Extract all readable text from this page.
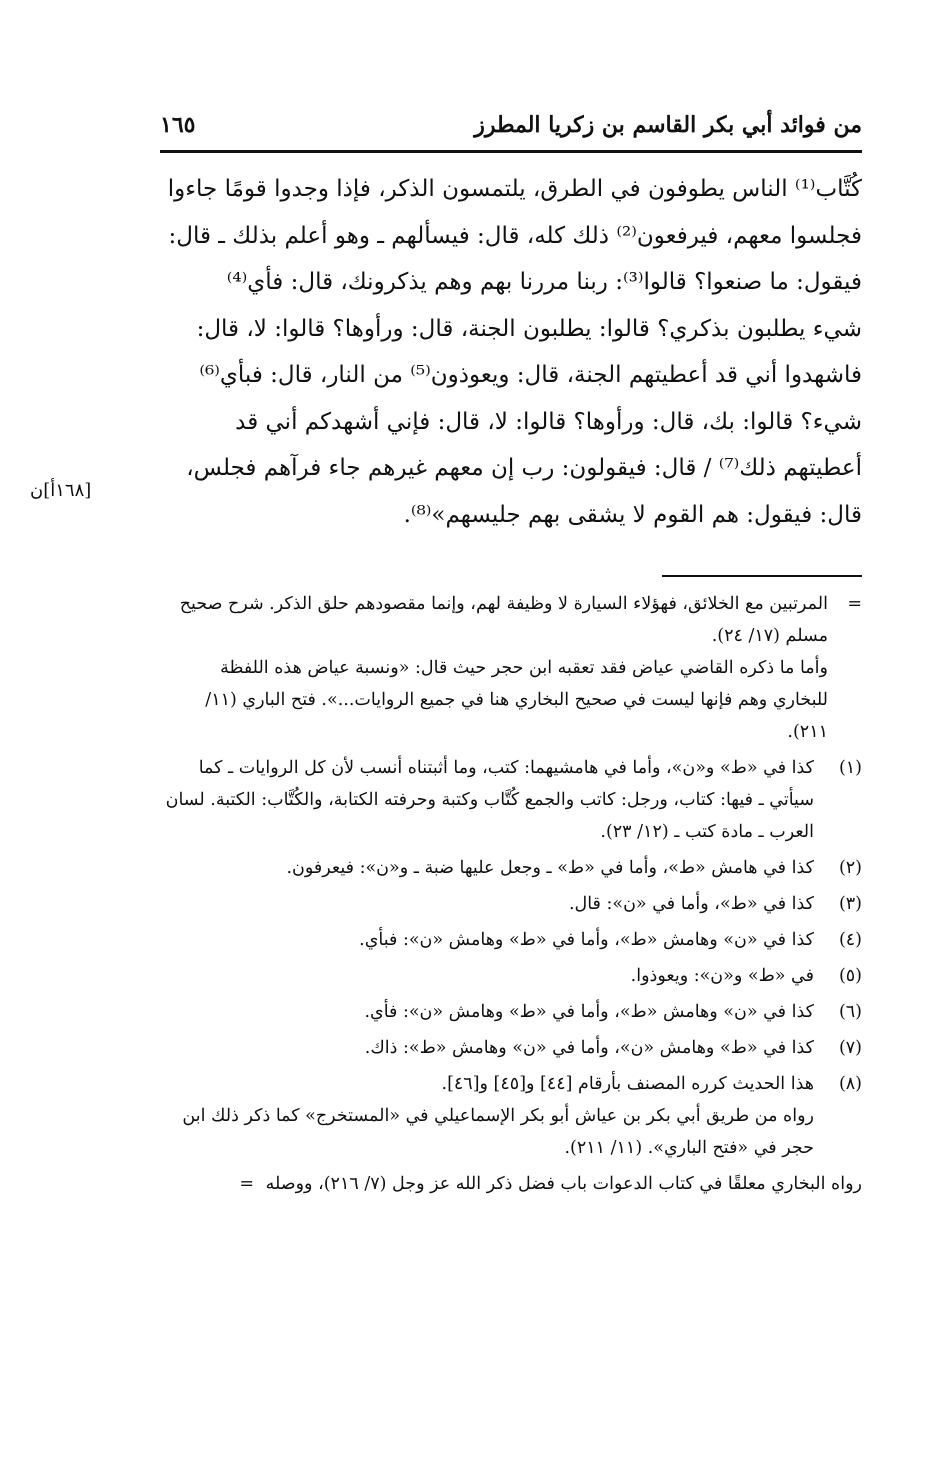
من فوائد أبي بكر القاسم بن زكريا المطرز
١٦٥
[١٦٨أ]ن
كُتَّاب⁽¹⁾ الناس يطوفون في الطرق، يلتمسون الذكر، فإذا وجدوا قومًا جاءوا
فجلسوا معهم، فيرفعون⁽²⁾ ذلك كله، قال: فيسألهم ـ وهو أعلم بذلك ـ قال:
فيقول: ما صنعوا؟ قالوا⁽³⁾: ربنا مررنا بهم وهم يذكرونك، قال: فأي⁽⁴⁾
شيء يطلبون بذكري؟ قالوا: يطلبون الجنة، قال: ورأوها؟ قالوا: لا، قال:
فاشهدوا أني قد أعطيتهم الجنة، قال: ويعوذون⁽⁵⁾ من النار، قال: فبأي⁽⁶⁾
شيء؟ قالوا: بك، قال: ورأوها؟ قالوا: لا، قال: فإني أشهدكم أني قد
أعطيتهم ذلك⁽⁷⁾ / قال: فيقولون: رب إن معهم غيرهم جاء فرآهم فجلس،
قال: فيقول: هم القوم لا يشقى بهم جليسهم»⁽⁸⁾.

=
المرتبين مع الخلائق، فهؤلاء السيارة لا وظيفة لهم، وإنما مقصودهم حلق الذكر. شرح صحيح مسلم (١٧/ ٢٤).

وأما ما ذكره القاضي عياض فقد تعقبه ابن حجر حيث قال: «ونسبة عياض هذه اللفظة للبخاري وهم فإنها ليست في صحيح البخاري هنا في جميع الروايات...». فتح الباري (١١/ ٢١١).

(١)

كذا في «ط» و«ن»، وأما في هامشيهما: كتب، وما أثبتناه أنسب لأن كل الروايات ـ كما سيأتي ـ فيها: كتاب، ورجل: كاتب والجمع كُتَّاب وكتبة وحرفته الكتابة، والكُتَّاب: الكتبة. لسان العرب ـ مادة كتب ـ (١٢/ ٢٣).

(٢)

كذا في هامش «ط»، وأما في «ط» ـ وجعل عليها ضبة ـ و«ن»: فيعرفون.

(٣)

كذا في «ط»، وأما في «ن»: قال.

(٤)

كذا في «ن» وهامش «ط»، وأما في «ط» وهامش «ن»: فبأي.

(٥)

في «ط» و«ن»: ويعوذوا.

(٦)

كذا في «ن» وهامش «ط»، وأما في «ط» وهامش «ن»: فأي.

(٧)

كذا في «ط» وهامش «ن»، وأما في «ن» وهامش «ط»: ذاك.

(٨)

هذا الحديث كرره المصنف بأرقام [٤٤] و[٤٥] و[٤٦].

رواه من طريق أبي بكر بن عياش أبو بكر الإسماعيلي في «المستخرج» كما ذكر ذلك ابن حجر في «فتح الباري». (١١/ ٢١١).

رواه البخاري معلقًا في كتاب الدعوات باب فضل ذكر الله عز وجل (٧/ ٢١٦)، ووصله =
